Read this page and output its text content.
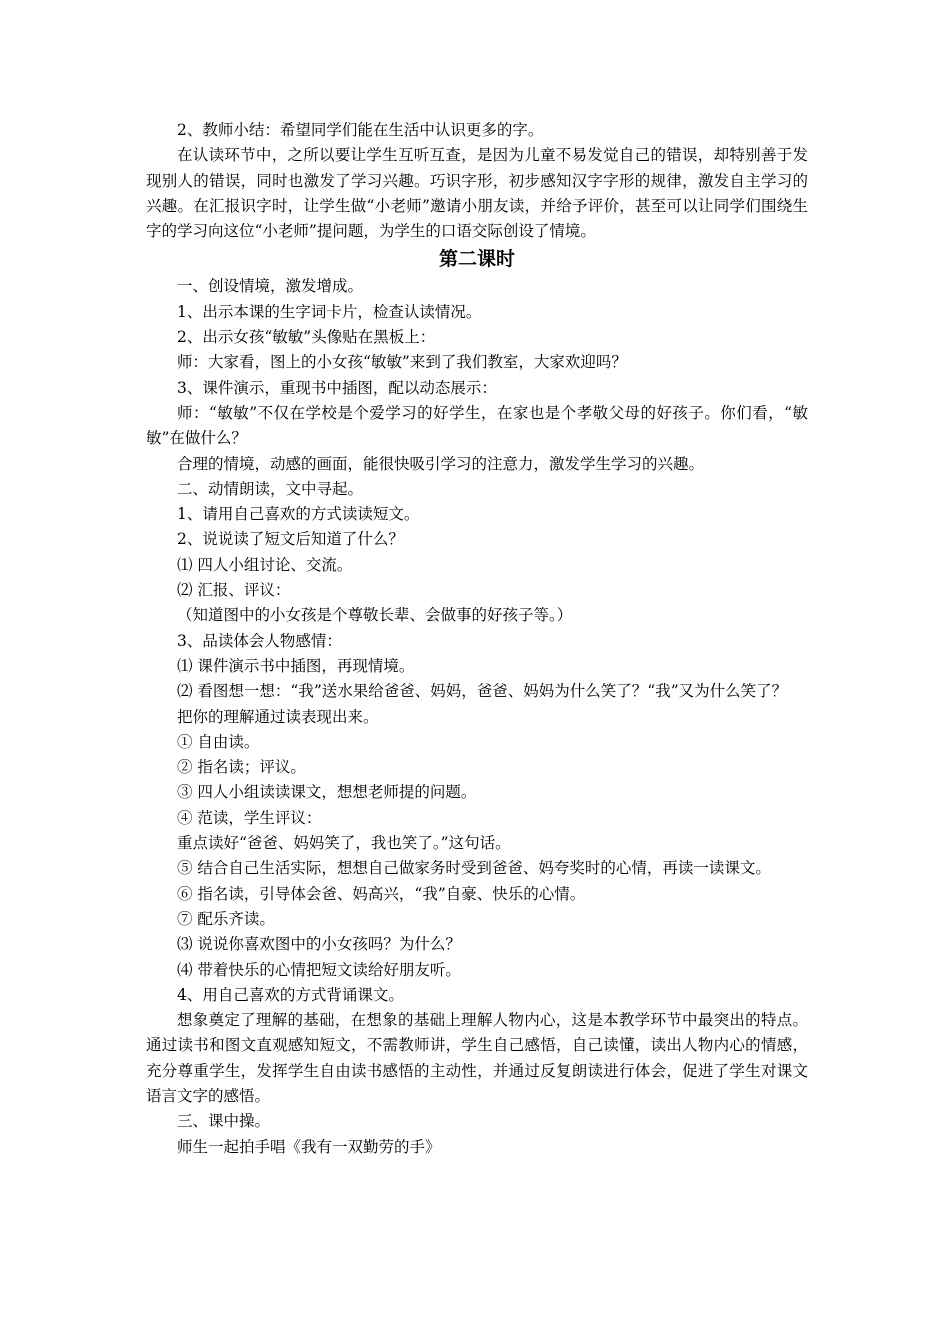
2、教师小结：希望同学们能在生活中认识更多的字。

在认读环节中，之所以要让学生互听互查，是因为儿童不易发觉自己的错误，却特别善于发现别人的错误，同时也激发了学习兴趣。巧识字形，初步感知汉字字形的规律，激发自主学习的兴趣。在汇报识字时，让学生做“小老师”邀请小朋友读，并给予评价，甚至可以让同学们围绕生字的学习向这位“小老师”提问题，为学生的口语交际创设了情境。

第二课时

一、创设情境，激发增成。

1、出示本课的生字词卡片，检查认读情况。

2、出示女孩“敏敏”头像贴在黑板上：

师：大家看，图上的小女孩“敏敏”来到了我们教室，大家欢迎吗？

3、课件演示，重现书中插图，配以动态展示：

师：“敏敏”不仅在学校是个爱学习的好学生，在家也是个孝敬父母的好孩子。你们看，“敏敏”在做什么？

合理的情境，动感的画面，能很快吸引学习的注意力，激发学生学习的兴趣。

二、动情朗读，文中寻起。

1、请用自己喜欢的方式读读短文。

2、说说读了短文后知道了什么？

⑴ 四人小组讨论、交流。

⑵ 汇报、评议：

（知道图中的小女孩是个尊敬长辈、会做事的好孩子等。）

3、品读体会人物感情：

⑴ 课件演示书中插图，再现情境。

⑵ 看图想一想：“我”送水果给爸爸、妈妈，爸爸、妈妈为什么笑了？“我”又为什么笑了？

把你的理解通过读表现出来。

① 自由读。

② 指名读；评议。

③ 四人小组读读课文，想想老师提的问题。

④ 范读，学生评议：

重点读好“爸爸、妈妈笑了，我也笑了。”这句话。

⑤ 结合自己生活实际，想想自己做家务时受到爸爸、妈夸奖时的心情，再读一读课文。

⑥ 指名读，引导体会爸、妈高兴，“我”自豪、快乐的心情。

⑦ 配乐齐读。

⑶ 说说你喜欢图中的小女孩吗？为什么？

⑷ 带着快乐的心情把短文读给好朋友听。

4、用自己喜欢的方式背诵课文。

想象奠定了理解的基础，在想象的基础上理解人物内心，这是本教学环节中最突出的特点。通过读书和图文直观感知短文，不需教师讲，学生自己感悟，自己读懂，读出人物内心的情感，充分尊重学生，发挥学生自由读书感悟的主动性，并通过反复朗读进行体会，促进了学生对课文语言文字的感悟。

三、课中操。

师生一起拍手唱《我有一双勤劳的手》
